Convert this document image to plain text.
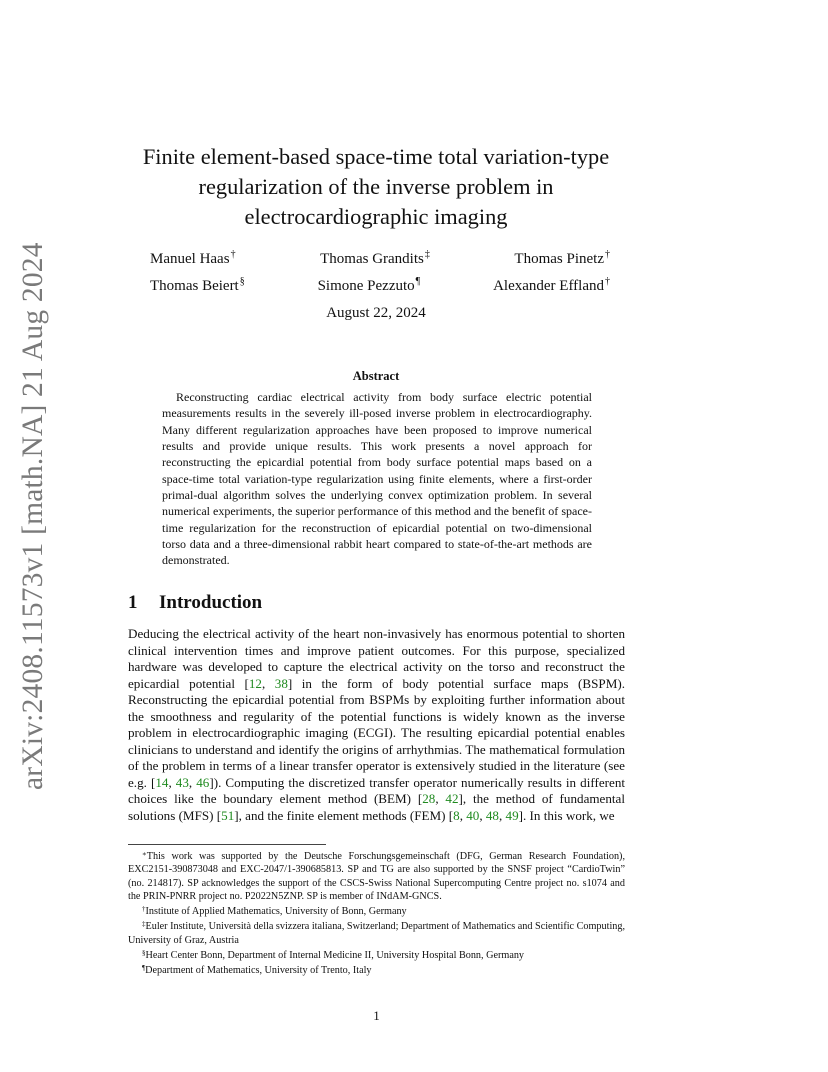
arXiv:2408.11573v1 [math.NA] 21 Aug 2024
Finite element-based space-time total variation-type
regularization of the inverse problem in
electrocardiographic imaging
Manuel Haas†	Thomas Grandits‡	Thomas Pinetz†
Thomas Beiert§	Simone Pezzuto¶	Alexander Effland†
August 22, 2024
Abstract

Reconstructing cardiac electrical activity from body surface electric potential measurements results in the severely ill-posed inverse problem in electrocardiography. Many different regularization approaches have been proposed to improve numerical results and provide unique results. This work presents a novel approach for reconstructing the epicardial potential from body surface potential maps based on a space-time total variation-type regularization using finite elements, where a first-order primal-dual algorithm solves the underlying convex optimization problem. In several numerical experiments, the superior performance of this method and the benefit of space-time regularization for the reconstruction of epicardial potential on two-dimensional torso data and a three-dimensional rabbit heart compared to state-of-the-art methods are demonstrated.

1 Introduction

Deducing the electrical activity of the heart non-invasively has enormous potential to shorten clinical intervention times and improve patient outcomes. For this purpose, specialized hardware was developed to capture the electrical activity on the torso and reconstruct the epicardial potential [12, 38] in the form of body potential surface maps (BSPM). Reconstructing the epicardial potential from BSPMs by exploiting further information about the smoothness and regularity of the potential functions is widely known as the inverse problem in electrocardiographic imaging (ECGI). The resulting epicardial potential enables clinicians to understand and identify the origins of arrhythmias. The mathematical formulation of the problem in terms of a linear transfer operator is extensively studied in the literature (see e.g. [14, 43, 46]). Computing the discretized transfer operator numerically results in different choices like the boundary element method (BEM) [28, 42], the method of fundamental solutions (MFS) [51], and the finite element methods (FEM) [8, 40, 48, 49]. In this work, we

∗This work was supported by the Deutsche Forschungsgemeinschaft (DFG, German Research Foundation), EXC2151-390873048 and EXC-2047/1-390685813. SP and TG are also supported by the SNSF project “CardioTwin” (no. 214817). SP acknowledges the support of the CSCS-Swiss National Supercomputing Centre project no. s1074 and the PRIN-PNRR project no. P2022N5ZNP. SP is member of INdAM-GNCS.

†Institute of Applied Mathematics, University of Bonn, Germany

‡Euler Institute, Università della svizzera italiana, Switzerland; Department of Mathematics and Scientific Computing, University of Graz, Austria

§Heart Center Bonn, Department of Internal Medicine II, University Hospital Bonn, Germany

¶Department of Mathematics, University of Trento, Italy

1
